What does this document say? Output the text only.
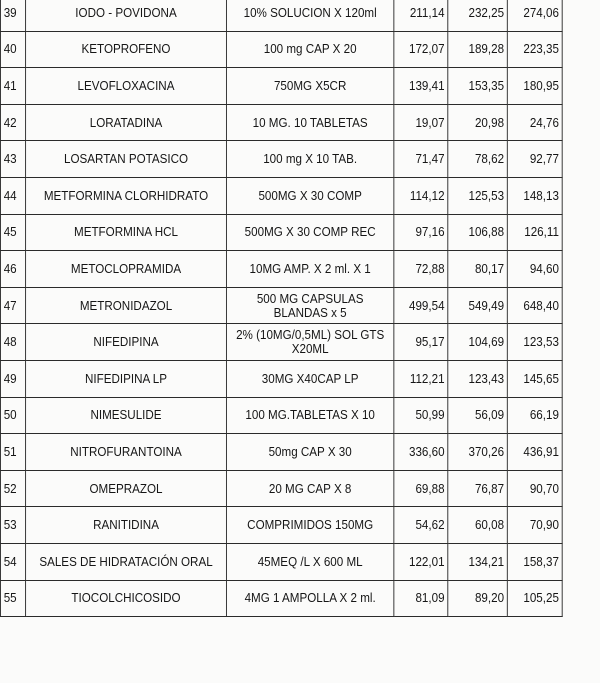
39	IODO - POVIDONA	10% SOLUCION X 120ml	211,14	232,25	274,06
40	KETOPROFENO	100 mg CAP X 20	172,07	189,28	223,35
41	LEVOFLOXACINA	750MG X5CR	139,41	153,35	180,95
42	LORATADINA	10 MG. 10 TABLETAS	19,07	20,98	24,76
43	LOSARTAN POTASICO	100 mg X 10 TAB.	71,47	78,62	92,77
44	METFORMINA CLORHIDRATO	500MG X 30 COMP	114,12	125,53	148,13
45	METFORMINA HCL	500MG X 30 COMP REC	97,16	106,88	126,11
46	METOCLOPRAMIDA	10MG AMP. X 2 ml. X 1	72,88	80,17	94,60
47	METRONIDAZOL	500 MG CAPSULAS BLANDAS x 5	499,54	549,49	648,40
48	NIFEDIPINA	2% (10MG/0,5ML) SOL GTS X20ML	95,17	104,69	123,53
49	NIFEDIPINA LP	30MG X40CAP LP	112,21	123,43	145,65
50	NIMESULIDE	100 MG.TABLETAS X 10	50,99	56,09	66,19
51	NITROFURANTOINA	50mg CAP X 30	336,60	370,26	436,91
52	OMEPRAZOL	20 MG CAP X 8	69,88	76,87	90,70
53	RANITIDINA	COMPRIMIDOS 150MG	54,62	60,08	70,90
54	SALES DE HIDRATACIÓN ORAL	45MEQ /L X 600 ML	122,01	134,21	158,37
55	TIOCOLCHICOSIDO	4MG 1 AMPOLLA X 2 ml.	81,09	89,20	105,25
